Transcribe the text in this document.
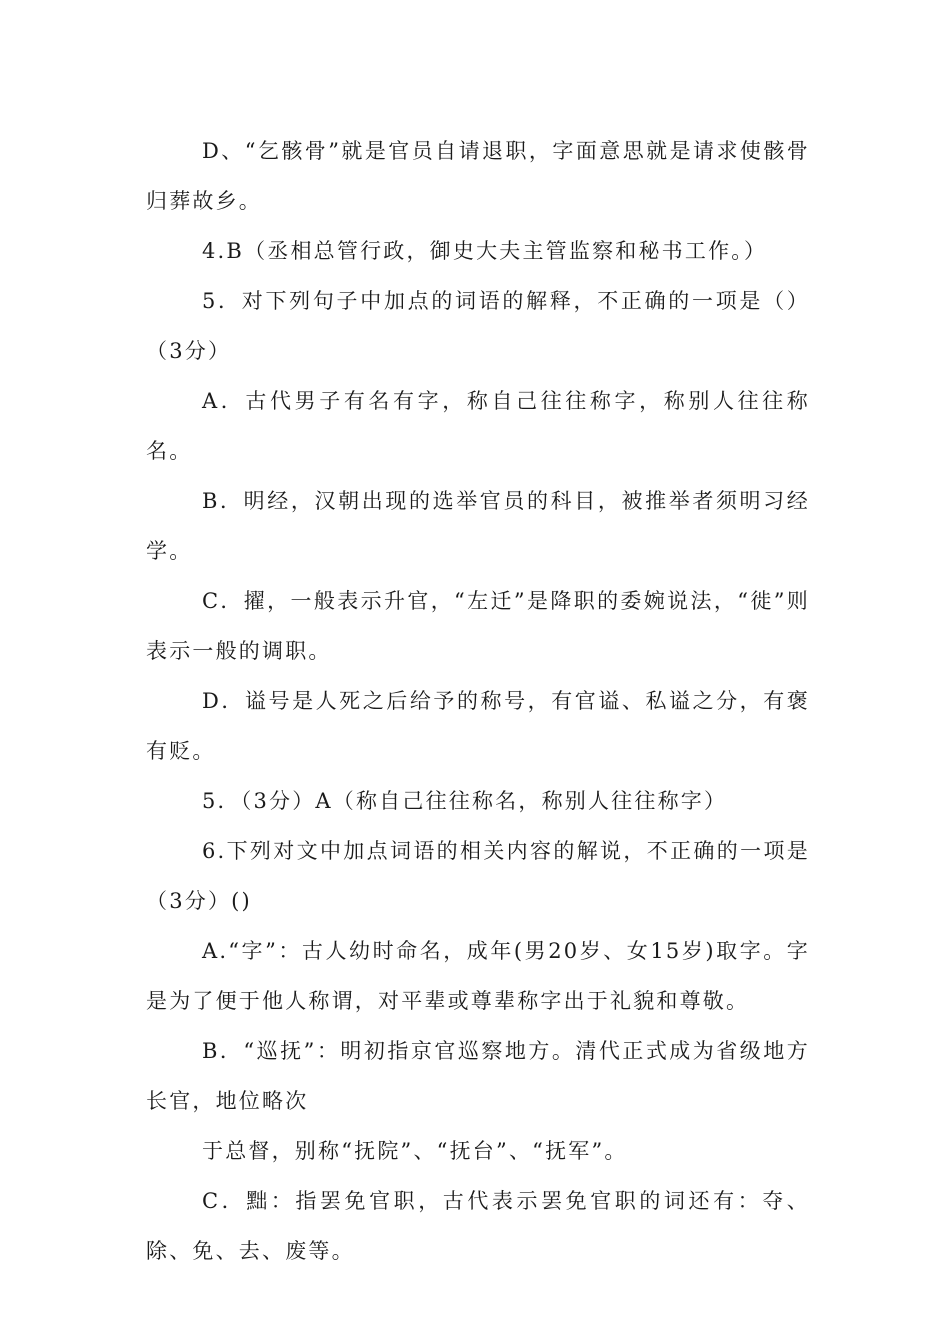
D、“乞骸骨”就是官员自请退职，字面意思就是请求使骸骨归葬故乡。

4.B（丞相总管行政，御史大夫主管监察和秘书工作。）

5．对下列句子中加点的词语的解释，不正确的一项是（）（3分）

A．古代男子有名有字，称自己往往称字，称别人往往称名。

B．明经，汉朝出现的选举官员的科目，被推举者须明习经学。

C．擢，一般表示升官，“左迁”是降职的委婉说法，“徙”则表示一般的调职。

D．谥号是人死之后给予的称号，有官谥、私谥之分，有褒有贬。

5．（3分）A（称自己往往称名，称别人往往称字）

6.下列对文中加点词语的相关内容的解说，不正确的一项是（3分）()

A.“字”：古人幼时命名，成年(男20岁、女15岁)取字。字是为了便于他人称谓，对平辈或尊辈称字出于礼貌和尊敬。

B．“巡抚”：明初指京官巡察地方。清代正式成为省级地方长官，地位略次

于总督，别称“抚院”、“抚台”、“抚军”。

C．黜：指罢免官职，古代表示罢免官职的词还有：夺、除、免、去、废等。
